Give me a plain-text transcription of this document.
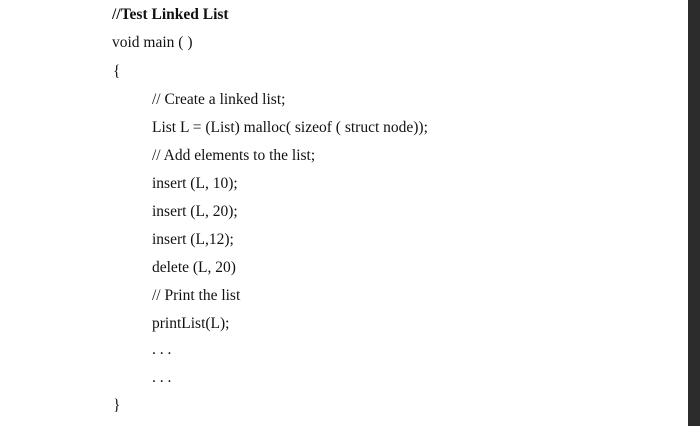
//Test Linked List
void main ( )
{
// Create a linked list;
List L = (List) malloc( sizeof ( struct node));
// Add elements to the list;
insert (L, 10);
insert (L, 20);
insert (L,12);
delete (L, 20)
// Print the list
printList(L);
. . .
. . .
}
